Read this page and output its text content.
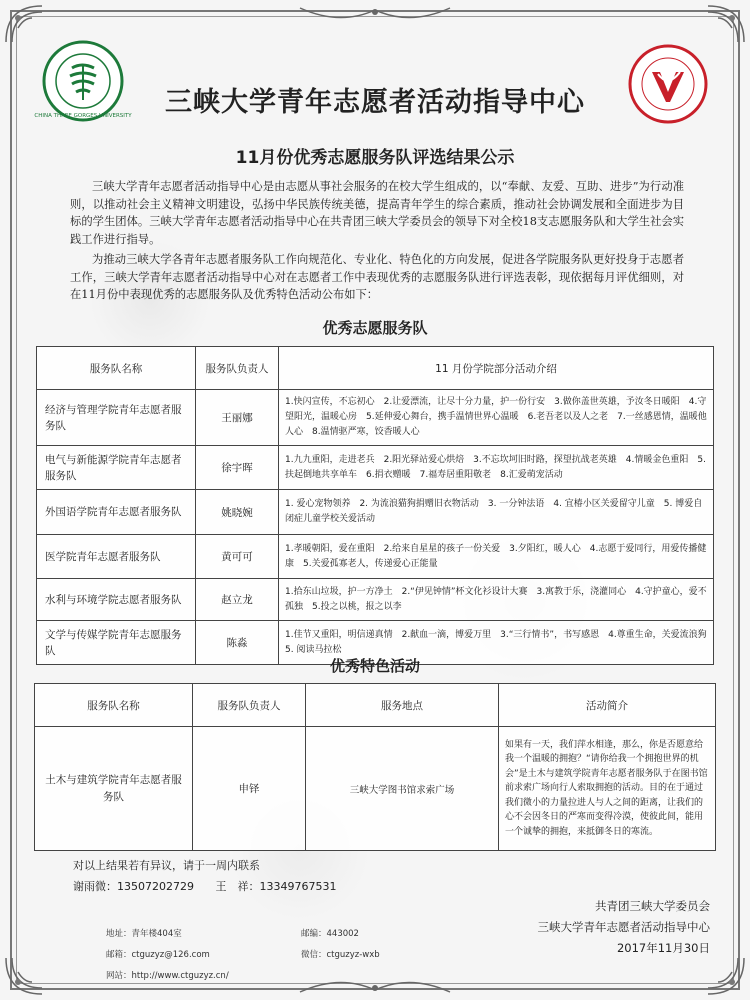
CHINA THREE GORGES UNIVERSITY	三峡大学青年志愿者活动指导中心
11月份优秀志愿服务队评选结果公示

三峡大学青年志愿者活动指导中心是由志愿从事社会服务的在校大学生组成的，以“奉献、友爱、互助、进步”为行动准则，以推动社会主义精神文明建设，弘扬中华民族传统美德，提高青年学生的综合素质，推动社会协调发展和全面进步为目标的学生团体。三峡大学青年志愿者活动指导中心在共青团三峡大学委员会的领导下对全校18支志愿服务队和大学生社会实践工作进行指导。

为推动三峡大学各青年志愿者服务队工作向规范化、专业化、特色化的方向发展，促进各学院服务队更好投身于志愿者工作，三峡大学青年志愿者活动指导中心对在志愿者工作中表现优秀的志愿服务队进行评选表彰，现依据每月评优细则，对在11月份中表现优秀的志愿服务队及优秀特色活动公布如下：

优秀志愿服务队
服务队名称	服务队负责人	11 月份学院部分活动介绍
经济与管理学院青年志愿者服务队	王丽娜	1.快闪宣传，不忘初心　2.让爱漂流，让尽十分力量，护一份行安　3.做你盖世英雄，予汝冬日暖阳　4.守望阳光，温暖心房　5.延伸爱心舞台，携手温情世界心温暖　6.老吾老以及人之老　7.一丝感恩情，温暖他人心　8.温情驱严寒，饺香暖人心
电气与新能源学院青年志愿者服务队	徐宇晖	1.九九重阳，走进老兵　2.阳光驿站爱心烘焙　3.不忘坎坷旧时路，探望抗战老英雄　4.情暖金色重阳　5.扶起倒地共享单车　6.捐衣赠暖　7.福寿居重阳敬老　8.汇爱萌宠活动
外国语学院青年志愿者服务队	姚晓婉	1. 爱心宠物领养　2. 为流浪猫狗捐赠旧衣物活动　3. 一分钟法语　4. 宜椿小区关爱留守儿童　5. 博爱自闭症儿童学校关爱活动
医学院青年志愿者服务队	黄可可	1.孝暖朝阳，爱在重阳　2.给来自星星的孩子一份关爱　3.夕阳红，暖人心　4.志愿于爱同行，用爱传播健康　5.关爱孤寡老人，传递爱心正能量
水利与环境学院志愿者服务队	赵立龙	1.拾东山垃圾，护一方净土　2.“伊见钟情”杯文化衫设计大赛　3.寓教于乐，浇灌同心　4.守护童心，爱不孤独　5.投之以桃，报之以李
文学与传媒学院青年志愿服务队	陈淼	1.佳节又重阳，明信递真情　2.献血一滴，博爱万里　3.“三行情书”，书写感恩　4.尊重生命，关爱流浪狗　5. 阅读马拉松
优秀特色活动
服务队名称	服务队负责人	服务地点	活动简介
土木与建筑学院青年志愿者服务队	申铎	三峡大学图书馆求索广场	如果有一天，我们萍水相逢，那么，你是否愿意给我一个温暖的拥抱？“请你给我一个拥抱世界的机会”是土木与建筑学院青年志愿者服务队于在图书馆前求索广场向行人索取拥抱的活动。目的在于通过我们微小的力量拉进人与人之间的距离，让我们的心不会因冬日的严寒而变得冷漠，使彼此间，能用一个诚挚的拥抱，来抵御冬日的寒流。
对以上结果若有异议，请于一周内联系
谢雨微：13507202729 王　祥：13349767531
共青团三峡大学委员会
三峡大学青年志愿者活动指导中心
2017年11月30日
地址：青年楼404室	邮编：443002
邮箱：ctguzyz@126.com	微信：ctguzyz-wxb
网站：http://www.ctguzyz.cn/
